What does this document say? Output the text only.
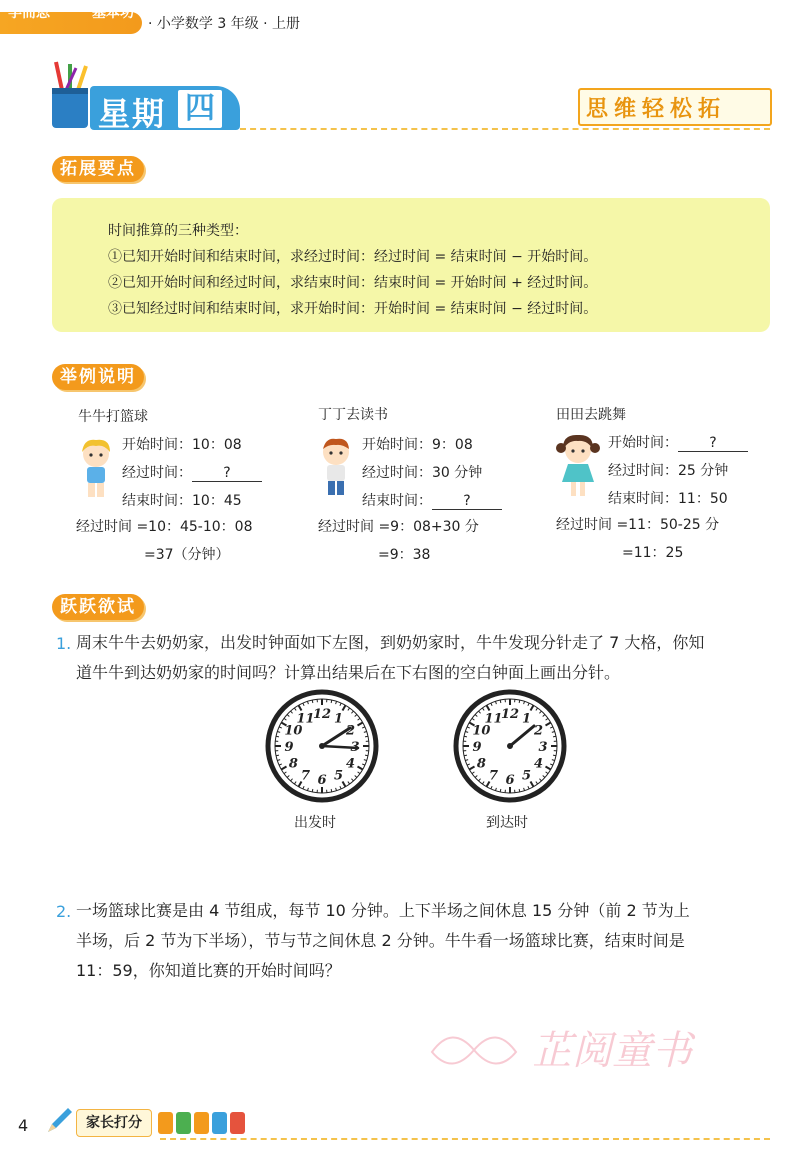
学而思	基本功
· 小学数学 3 年级 · 上册
星期 四	思维轻松拓
拓展要点
时间推算的三种类型：
①已知开始时间和结束时间，求经过时间：经过时间 = 结束时间 − 开始时间。
②已知开始时间和经过时间，求结束时间：结束时间 = 开始时间 + 经过时间。
③已知经过时间和结束时间，求开始时间：开始时间 = 结束时间 − 经过时间。
举例说明
牛牛打篮球
开始时间：10：08
经过时间： ?
结束时间：10：45
经过时间 =10：45-10：08
=37（分钟）
丁丁去读书
开始时间：9：08
经过时间：30 分钟
结束时间： ?
经过时间 =9：08+30 分
=9：38
田田去跳舞
开始时间： ?
经过时间：25 分钟
结束时间：11：50
经过时间 =11：50-25 分
=11：25
跃跃欲试
1. 周末牛牛去奶奶家，出发时钟面如下左图，到奶奶家时，牛牛发现分针走了 7 大格，你知
道牛牛到达奶奶家的时间吗？计算出结果后在下右图的空白钟面上画出分针。
12 1
2
4
5
6
7
8
9
10
11
出发时
12 1
2
3
4
5
6
7
8
9
10
11
到达时
2. 一场篮球比赛是由 4 节组成，每节 10 分钟。上下半场之间休息 15 分钟（前 2 节为上
半场，后 2 节为下半场），节与节之间休息 2 分钟。牛牛看一场篮球比赛，结束时间是
11：59，你知道比赛的开始时间吗？
芷阅童书
4	家长打分
